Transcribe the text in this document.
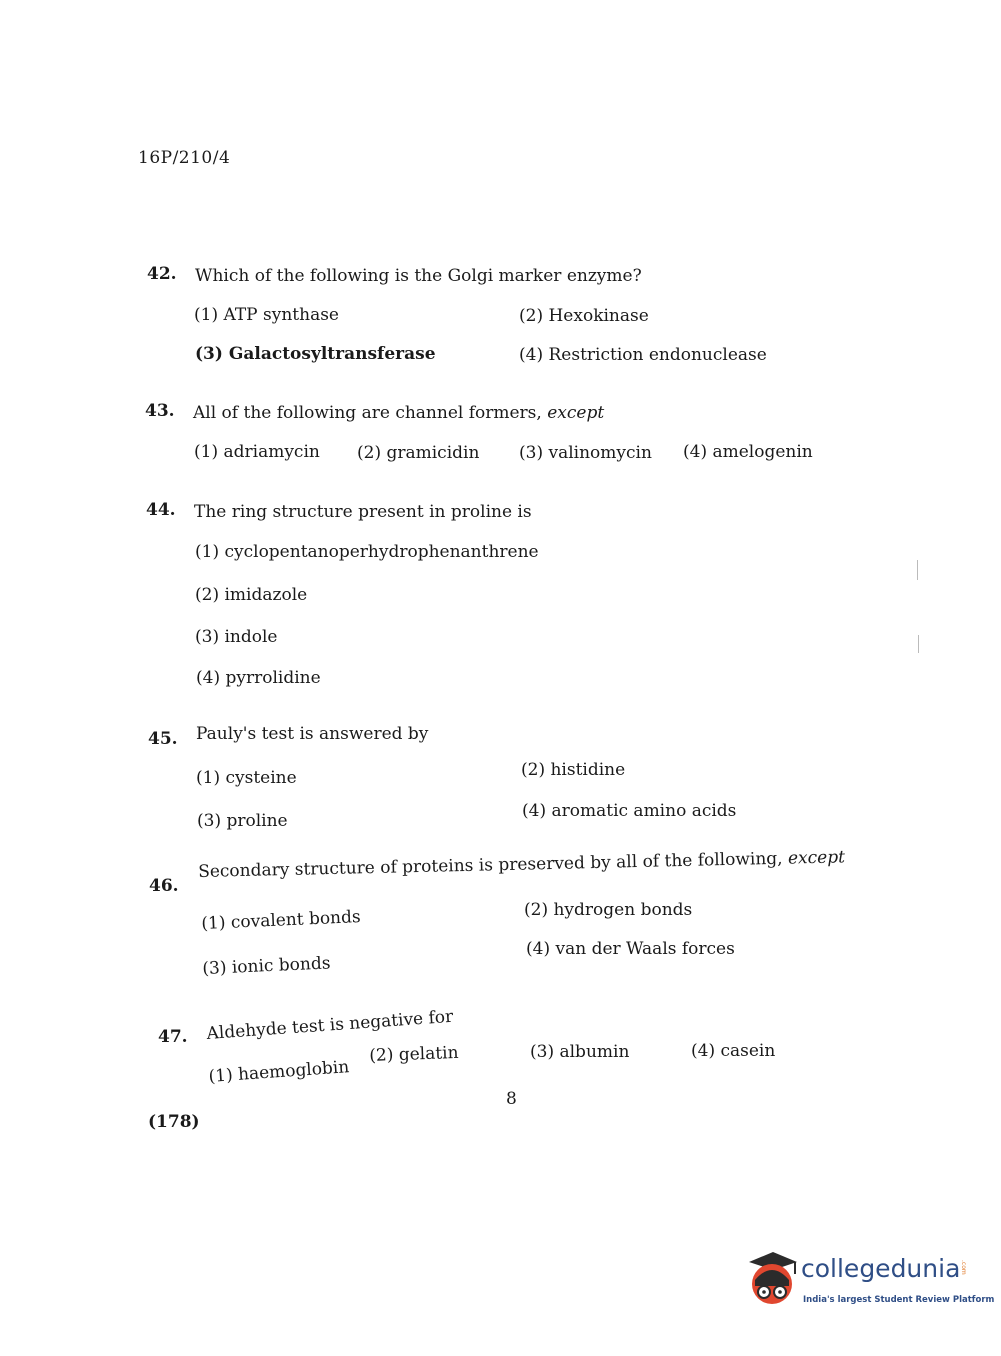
16P/210/4
42. Which of the following is the Golgi marker enzyme?
(1) ATP synthase	(2) Hexokinase
(3) Galactosyltransferase	(4) Restriction endonuclease
43. All of the following are channel formers, except
(1) adriamycin (2) gramicidin (3) valinomycin (4) amelogenin
44. The ring structure present in proline is
(1) cyclopentanoperhydrophenanthrene
(2) imidazole
(3) indole
(4) pyrrolidine
45. Pauly's test is answered by
(1) cysteine	(2) histidine
(3) proline	(4) aromatic amino acids
46.
Secondary structure of proteins is preserved by all of the following, except
(1) covalent bonds	(2) hydrogen bonds
(3) ionic bonds
(4) van der Waals forces
47. Aldehyde test is negative for
(1) haemoglobin
(2) gelatin	(3) albumin	(4) casein
8
(178)
collegedunia .com
India's largest Student Review Platform
